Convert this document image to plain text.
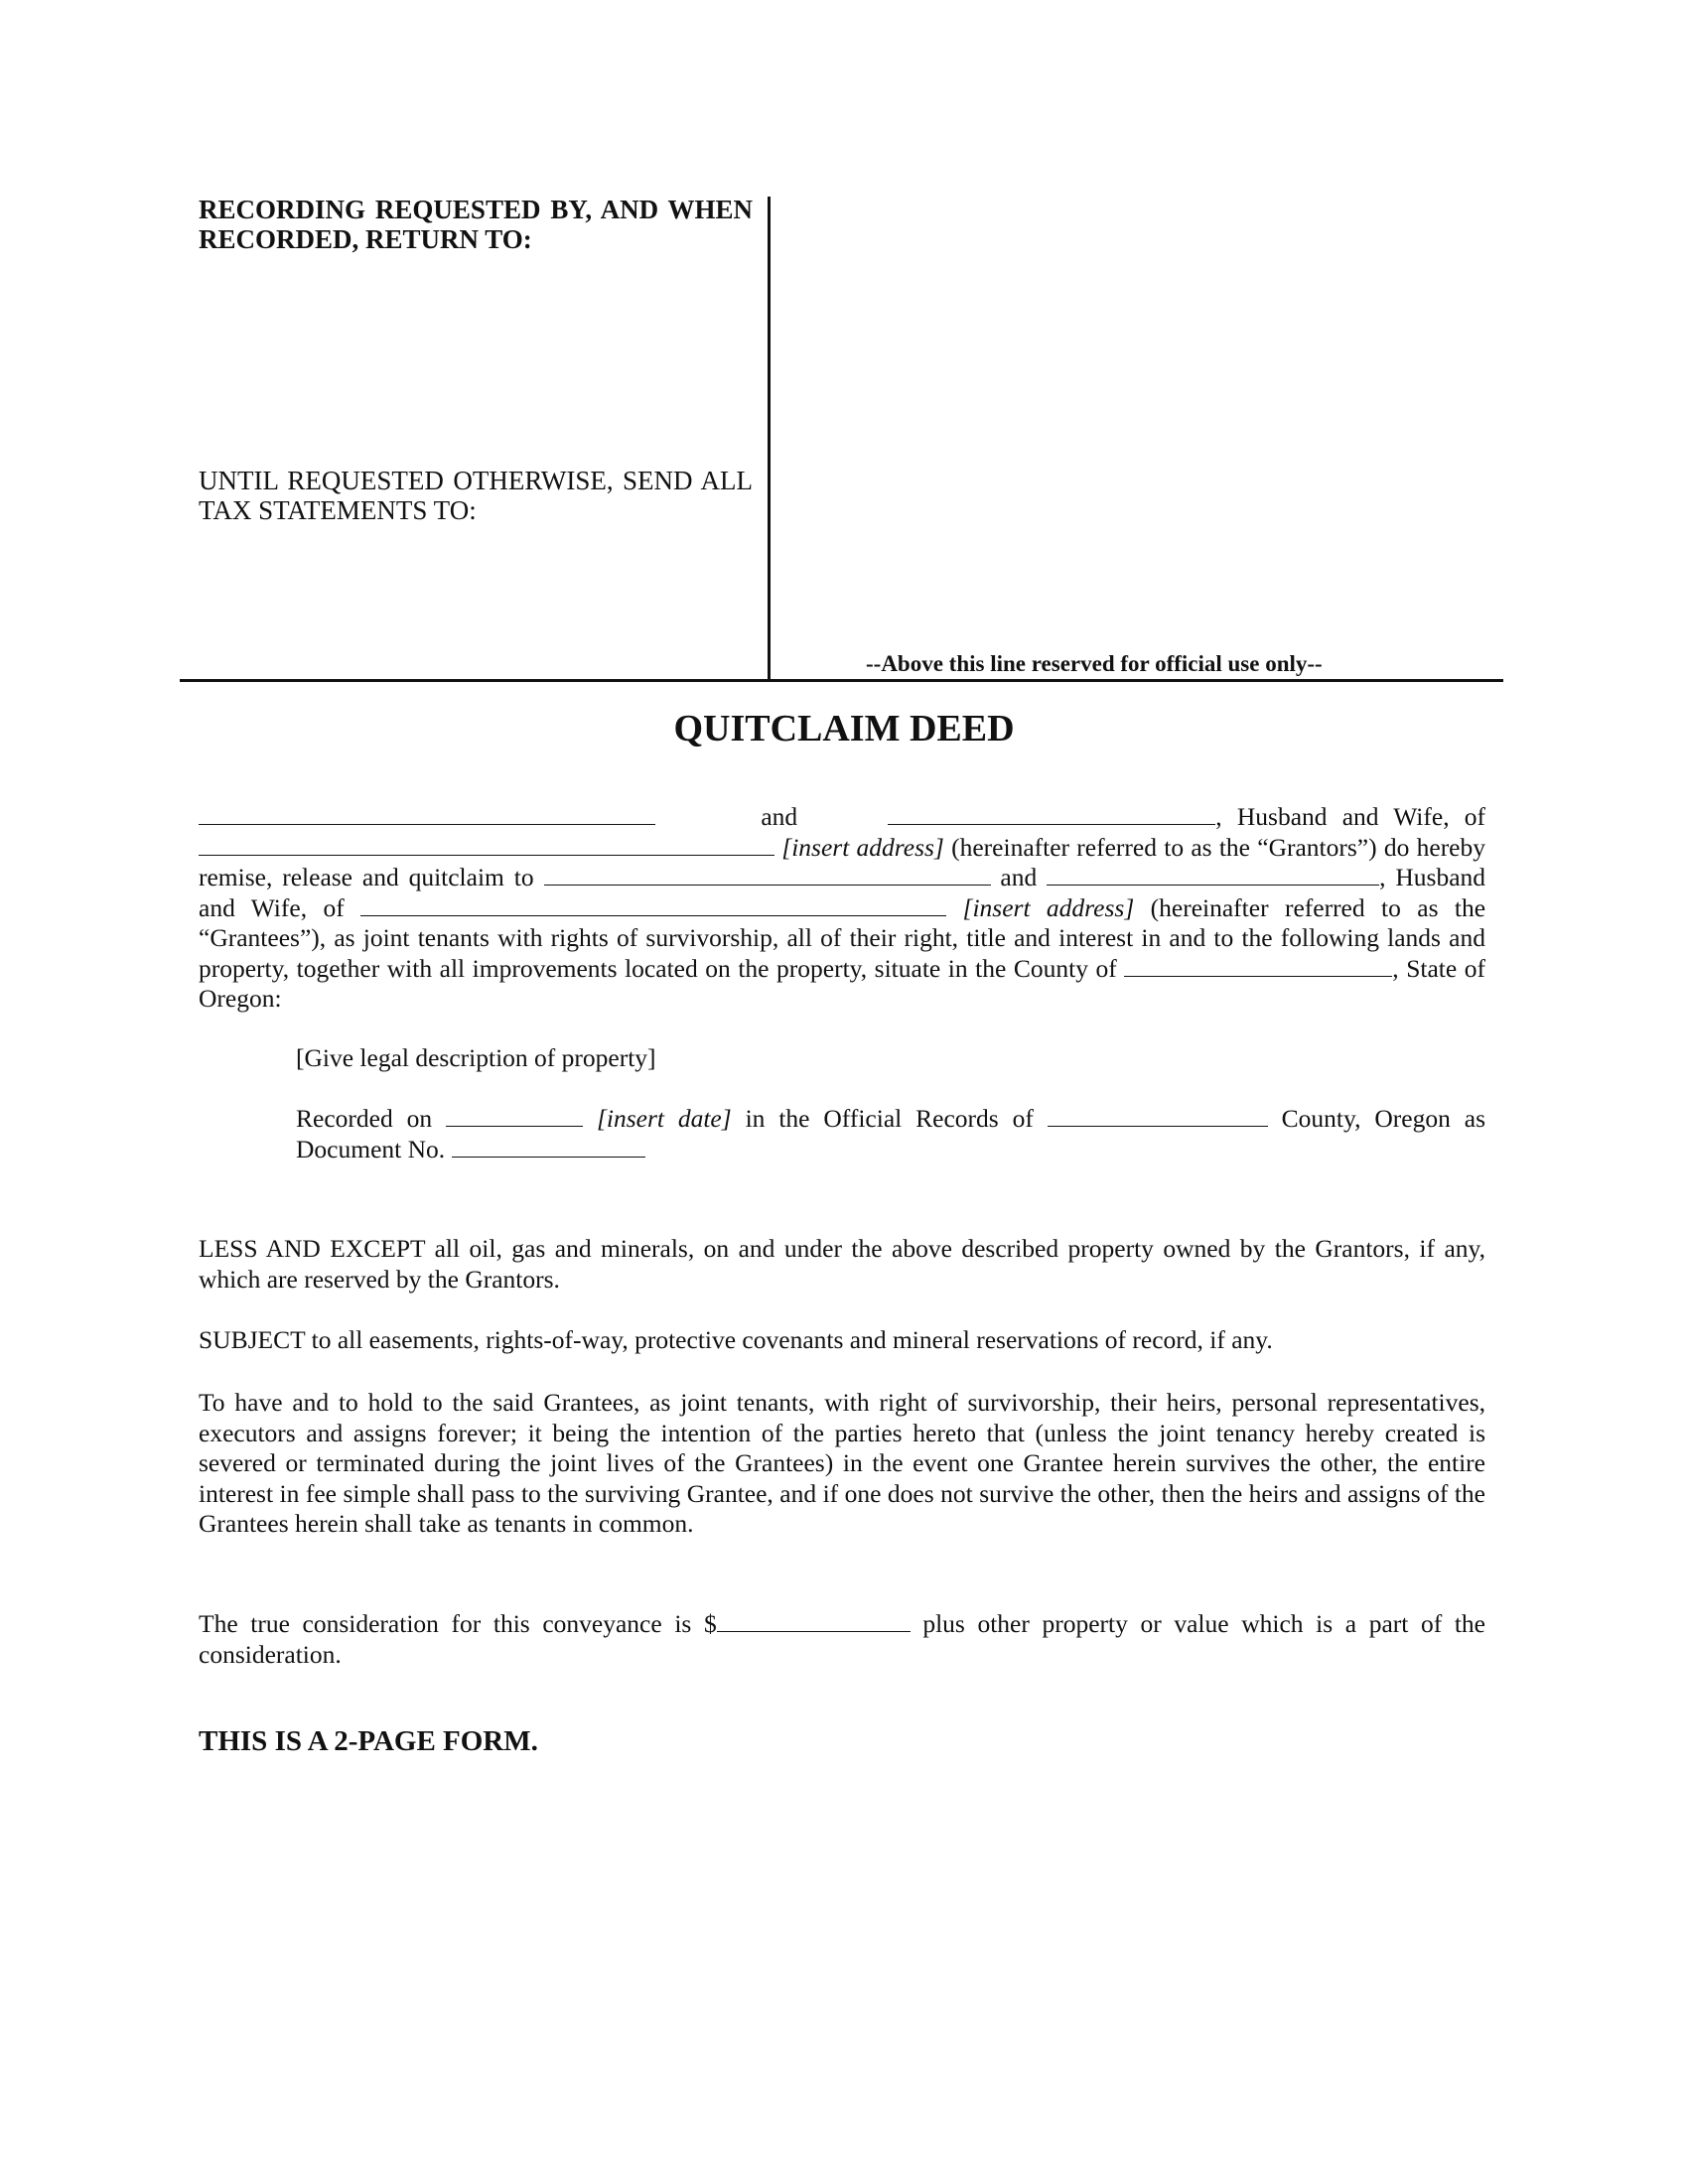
RECORDING REQUESTED BY, AND WHEN RECORDED, RETURN TO:
UNTIL REQUESTED OTHERWISE, SEND ALL TAX STATEMENTS TO:
--Above this line reserved for official use only--
QUITCLAIM DEED
and	, Husband and Wife, of  [insert address] (hereinafter referred to as the “Grantors”) do hereby remise, release and quitclaim to	and	, Husband and Wife, of	[insert address] (hereinafter referred to as the “Grantees”), as joint tenants with rights of survivorship, all of their right, title and interest in and to the following lands and property, together with all improvements located on the property, situate in the County of	, State of Oregon:
[Give legal description of property]
Recorded on	[insert date] in the Official Records of	County, Oregon as Document No.
LESS AND EXCEPT all oil, gas and minerals, on and under the above described property owned by the Grantors, if any, which are reserved by the Grantors.
SUBJECT to all easements, rights-of-way, protective covenants and mineral reservations of record, if any.
To have and to hold to the said Grantees, as joint tenants, with right of survivorship, their heirs, personal representatives, executors and assigns forever; it being the intention of the parties hereto that (unless the joint tenancy hereby created is severed or terminated during the joint lives of the Grantees) in the event one Grantee herein survives the other, the entire interest in fee simple shall pass to the surviving Grantee, and if one does not survive the other, then the heirs and assigns of the Grantees herein shall take as tenants in common.
The true consideration for this conveyance is $	plus other property or value which is a part of the consideration.
THIS IS A 2-PAGE FORM.
